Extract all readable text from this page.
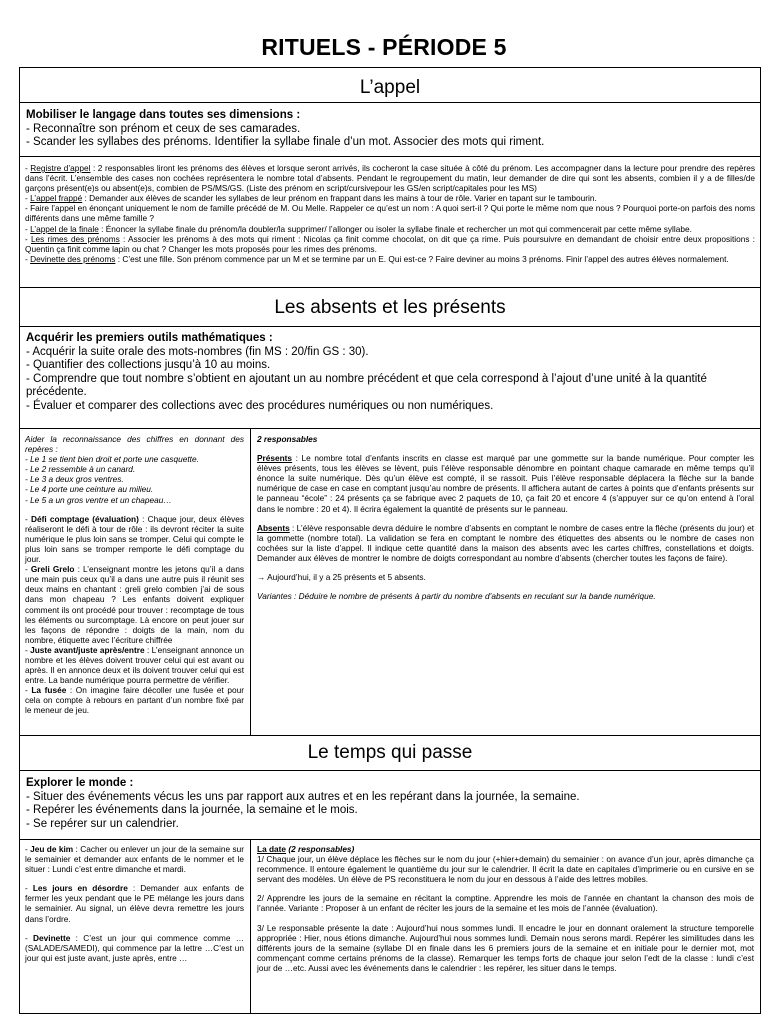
RITUELS - PÉRIODE 5
L’appel
Mobiliser le langage dans toutes ses dimensions :
- Reconnaître son prénom et ceux de ses camarades.
- Scander les syllabes des prénoms. Identifier la syllabe finale d’un mot. Associer des mots qui riment.

- Registre d’appel : 2 responsables liront les prénoms des élèves et lorsque seront arrivés, ils cocheront la case située à côté du prénom. Les accompagner dans la lecture pour prendre des repères dans l’écrit. L’ensemble des cases non cochées représentera le nombre total d’absents. Pendant le regroupement du matin, leur demander de dire qui sont les absents, combien il y a de filles/de garçons présent(e)s ou absent(e)s, combien de PS/MS/GS. (Liste des prénom en script/cursivepour les GS/en script/capitales pour les MS)

- L’appel frappé : Demander aux élèves de scander les syllabes de leur prénom en frappant dans les mains à tour de rôle. Varier en tapant sur le tambourin.

- Faire l’appel en énonçant uniquement le nom de famille précédé de M. Ou Melle. Rappeler ce qu’est un nom : A quoi sert-il ? Qui porte le même nom que nous ? Pourquoi porte-on parfois des noms différents dans une même famille ?

- L’appel de la finale : Énoncer la syllabe finale du prénom/la doubler/la supprimer/ l’allonger ou isoler la syllabe finale et rechercher un mot qui commencerait par cette même syllabe.

- Les rimes des prénoms : Associer les prénoms à des mots qui riment : Nicolas ça finit comme chocolat, on dit que ça rime. Puis poursuivre en demandant de choisir entre deux propositions : Quentin ça finit comme lapin ou chat ? Changer les mots proposés pour les rimes des prénoms.

- Devinette des prénoms : C’est une fille. Son prénom commence par un M et se termine par un E. Qui est-ce ? Faire deviner au moins 3 prénoms. Finir l’appel des autres élèves normalement.

Les absents et les présents
Acquérir les premiers outils mathématiques :
- Acquérir la suite orale des mots-nombres (fin MS : 20/fin GS : 30).
- Quantifier des collections jusqu’à 10 au moins.
- Comprendre que tout nombre s’obtient en ajoutant un au nombre précédent et que cela correspond à l’ajout d’une unité à la quantité précédente.
- Évaluer et comparer des collections avec des procédures numériques ou non numériques.

Aider la reconnaissance des chiffres en donnant des repères :

- Le 1 se tient bien droit et porte une casquette.

- Le 2 ressemble à un canard.

- Le 3 a deux gros ventres.

- Le 4 porte une ceinture au milieu.

- Le 5 a un gros ventre et un chapeau…

- Défi comptage (évaluation) : Chaque jour, deux élèves réaliseront le défi à tour de rôle : ils devront réciter la suite numérique le plus loin sans se tromper. Celui qui compte le plus loin sans se tromper remporte le défi comptage du jour.

- Greli Grelo : L’enseignant montre les jetons qu’il a dans une main puis ceux qu’il a dans une autre puis il réunit ses deux mains en chantant : greli grelo combien j’ai de sous dans mon chapeau ? Les enfants doivent expliquer comment ils ont procédé pour trouver : recomptage de tous les éléments ou surcomptage. Là encore on peut jouer sur les façons de répondre : doigts de la main, nom du nombre, étiquette avec l’écriture chiffrée

- Juste avant/juste après/entre : L’enseignant annonce un nombre et les élèves doivent trouver celui qui est avant ou après. Il en annonce deux et ils doivent trouver celui qui est entre. La bande numérique pourra permettre de vérifier.

- La fusée : On imagine faire décoller une fusée et pour cela on compte à rebours en partant d’un nombre fixé par le meneur de jeu.

2 responsables

Présents : Le nombre total d’enfants inscrits en classe est marqué par une gommette sur la bande numérique. Pour compter les élèves présents, tous les élèves se lèvent, puis l’élève responsable dénombre en pointant chaque camarade en même temps qu’il énonce la suite numérique. Dès qu’un élève est compté, il se rassoit. Puis l’élève responsable déplacera la flèche sur la bande numérique de case en case en comptant jusqu’au nombre de présents. Il affichera autant de cartes à points que d’enfants présents sur le panneau “école” : 24 présents ça se fabrique avec 2 paquets de 10, ça fait 20 et encore 4 (s’appuyer sur ce qu’on entend à l’oral dans le nombre : 20 et 4). Il écrira également la quantité de présents sur le panneau.

Absents : L’élève responsable devra déduire le nombre d’absents en comptant le nombre de cases entre la flèche (présents du jour) et la gommette (nombre total). La validation se fera en comptant le nombre des étiquettes des absents ou le nombre de cases non cochées sur la liste d’appel. Il indique cette quantité dans la maison des absents avec les cartes chiffres, constellations et doigts. Demander aux élèves de montrer le nombre de doigts correspondant au nombre d’absents (chercher toutes les façons de faire).

→ Aujourd’hui, il y a 25 présents et 5 absents.

Variantes : Déduire le nombre de présents à partir du nombre d’absents en reculant sur la bande numérique.

Le temps qui passe
Explorer le monde :
- Situer des événements vécus les uns par rapport aux autres et en les repérant dans la journée, la semaine.
- Repérer les événements dans la journée, la semaine et le mois.
- Se repérer sur un calendrier.

- Jeu de kim : Cacher ou enlever un jour de la semaine sur le semainier et demander aux enfants de le nommer et le situer : Lundi c’est entre dimanche et mardi.

- Les jours en désordre : Demander aux enfants de fermer les yeux pendant que le PE mélange les jours dans le semainier. Au signal, un élève devra remettre les jours dans l’ordre.

- Devinette : C’est un jour qui commence comme …(SALADE/SAMEDI), qui commence par la lettre …C’est un jour qui est juste avant, juste après, entre …

La date (2 responsables)

1/ Chaque jour, un élève déplace les flèches sur le nom du jour (+hier+demain) du semainier : on avance d’un jour, après dimanche ça recommence. Il entoure également le quantième du jour sur le calendrier. Il écrit la date en capitales d’imprimerie ou en cursive en se servant des modèles. Un élève de PS reconstituera le nom du jour en dessous à l’aide des lettres mobiles.

2/ Apprendre les jours de la semaine en récitant la comptine. Apprendre les mois de l’année en chantant la chanson des mois de l’année. Variante : Proposer à un enfant de réciter les jours de la semaine et les mois de l’année (évaluation).

3/ Le responsable présente la date : Aujourd’hui nous sommes lundi. Il encadre le jour en donnant oralement la structure temporelle appropriée : Hier, nous étions dimanche. Aujourd’hui nous sommes lundi. Demain nous serons mardi. Repérer les similitudes dans les différents jours de la semaine (syllabe DI en finale dans les 6 premiers jours de la semaine et en initiale pour le dernier mot, mot commençant comme certains prénoms de la classe). Remarquer les temps forts de chaque jour selon l’edt de la classe : lundi c’est jour de …etc. Aussi avec les événements dans le calendrier : les repérer, les situer dans le temps.
